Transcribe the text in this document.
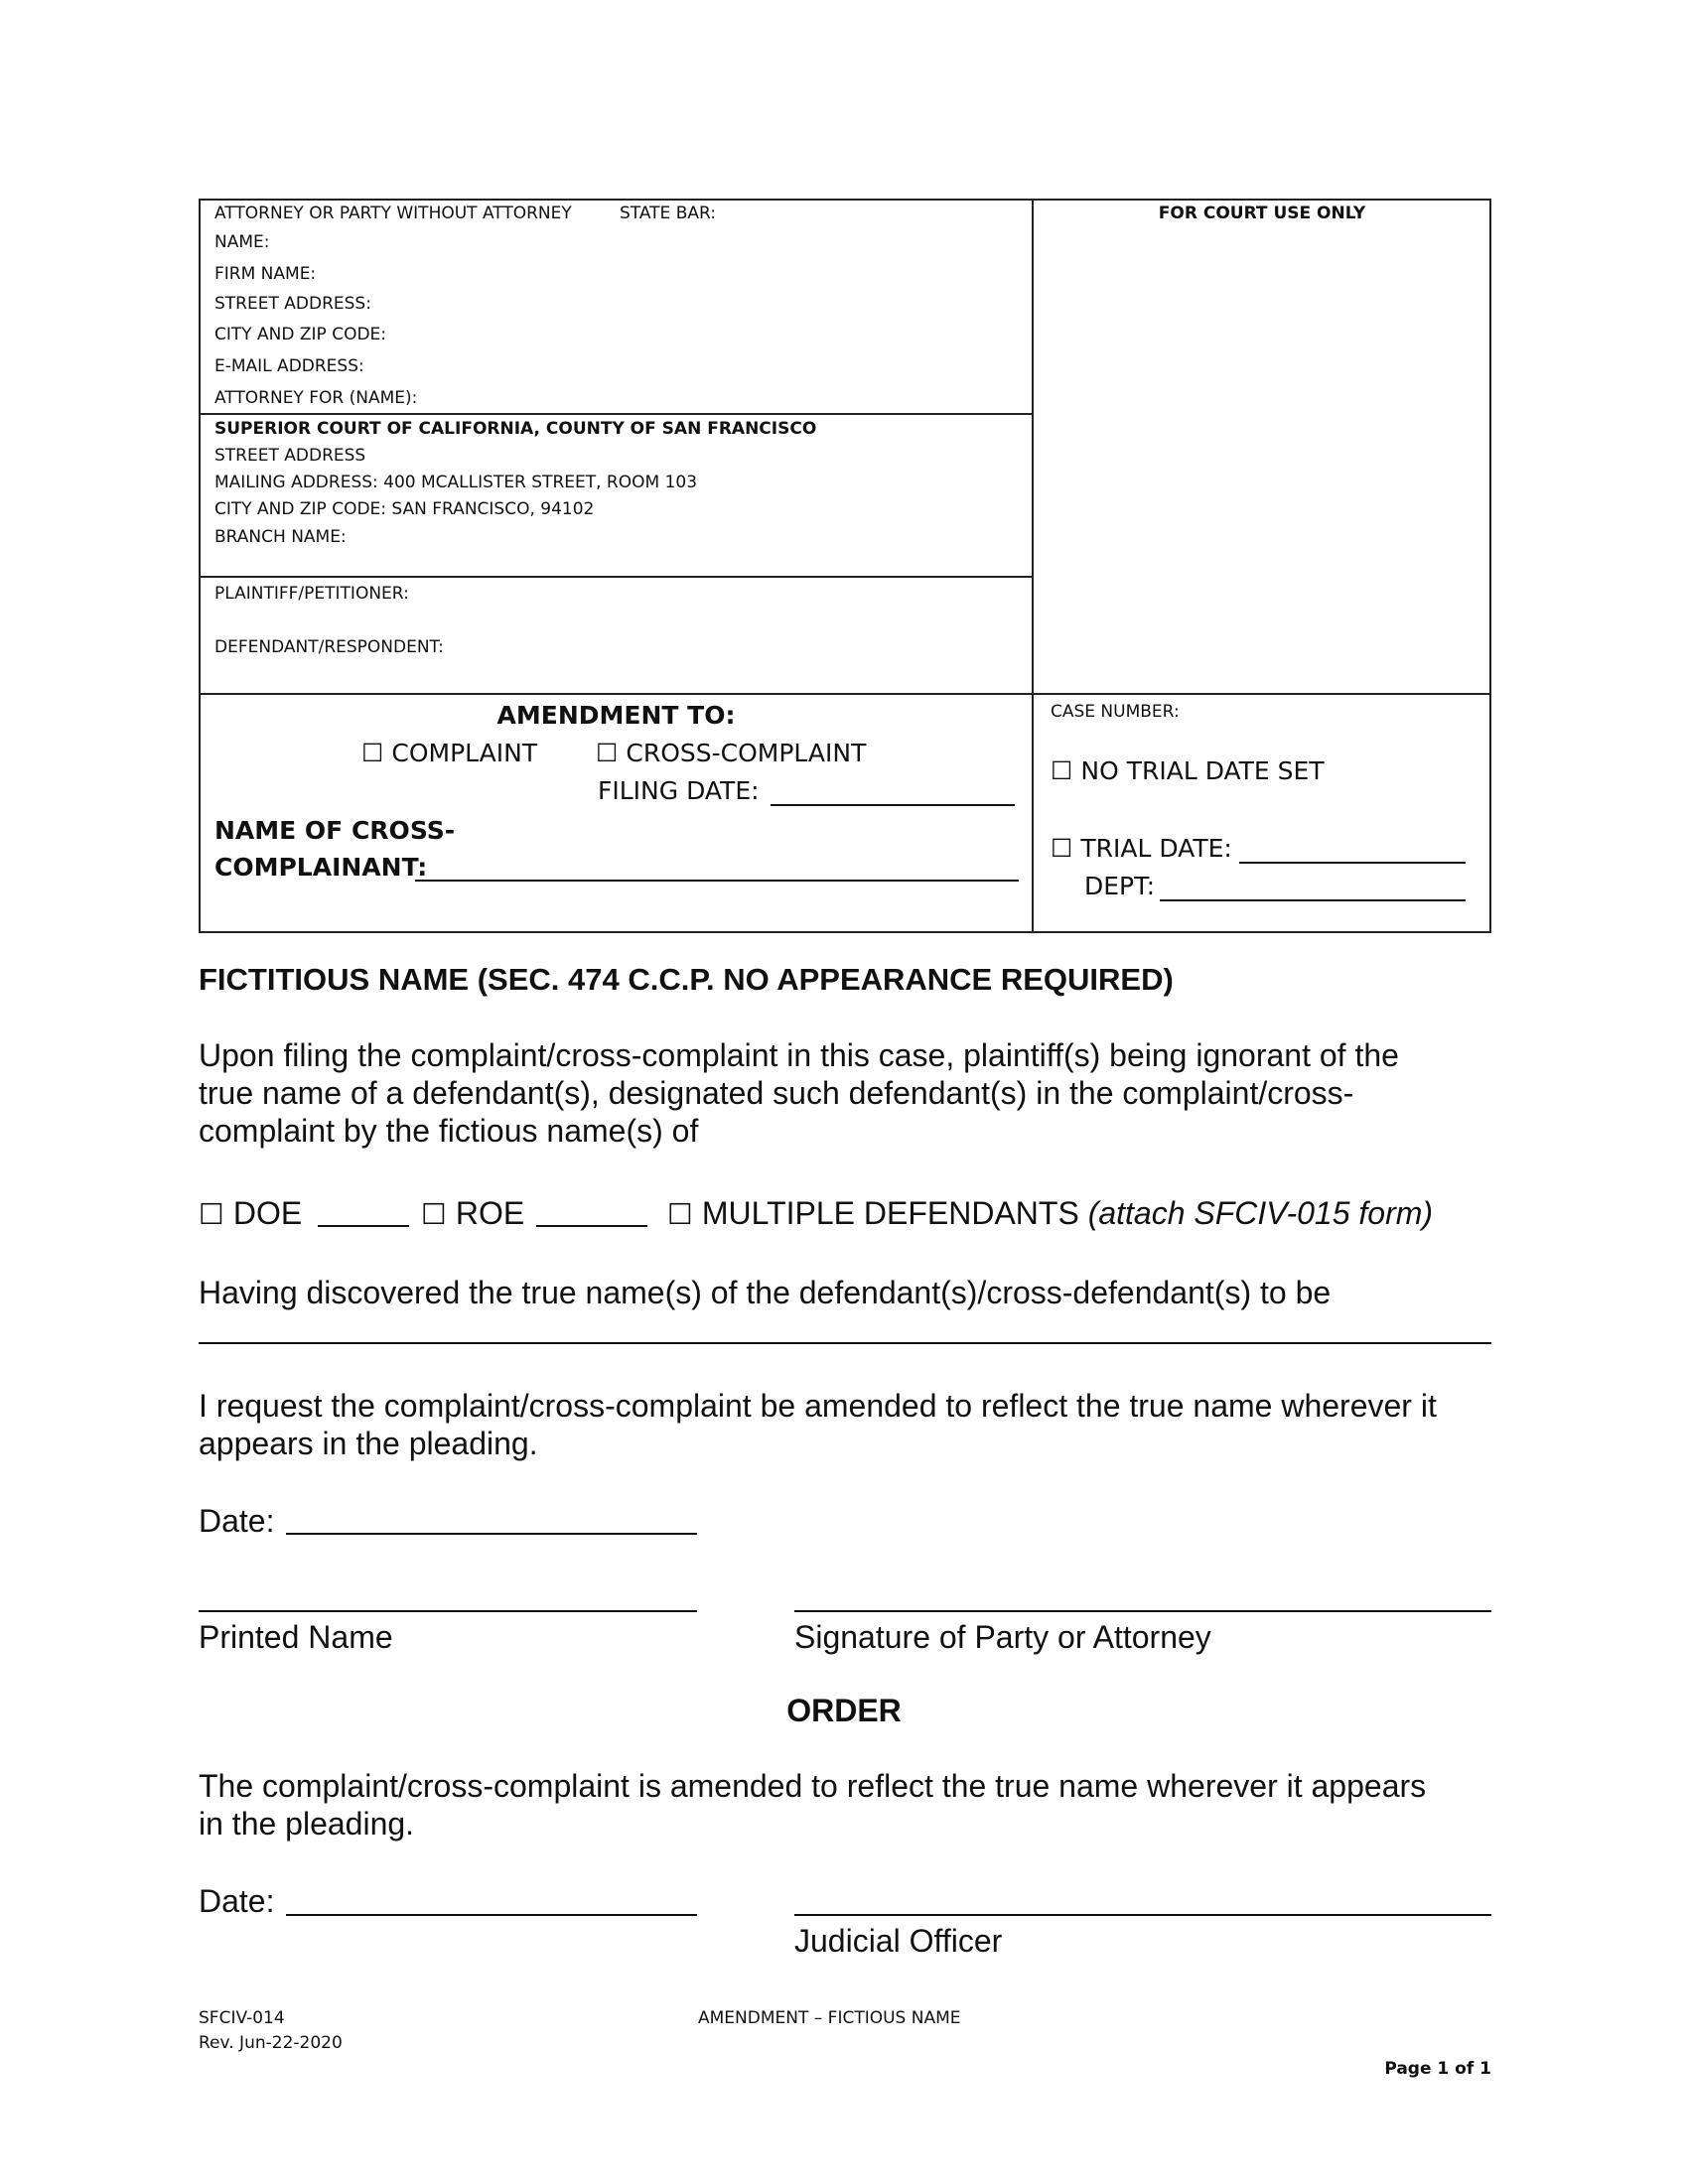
ATTORNEY OR PARTY WITHOUT ATTORNEY	STATE BAR:
NAME:
FIRM NAME:
STREET ADDRESS:
CITY AND ZIP CODE:
E-MAIL ADDRESS:
ATTORNEY FOR (NAME):
FOR COURT USE ONLY
SUPERIOR COURT OF CALIFORNIA, COUNTY OF SAN FRANCISCO
STREET ADDRESS
MAILING ADDRESS: 400 MCALLISTER STREET, ROOM 103
CITY AND ZIP CODE: SAN FRANCISCO, 94102
BRANCH NAME:
PLAINTIFF/PETITIONER:
DEFENDANT/RESPONDENT:
AMENDMENT TO:
☐ COMPLAINT ☐ CROSS-COMPLAINT
FILING DATE:
NAME OF CROSS-
COMPLAINANT:
CASE NUMBER:
☐ NO TRIAL DATE SET
☐ TRIAL DATE:
DEPT:
FICTITIOUS NAME (SEC. 474 C.C.P. NO APPEARANCE REQUIRED)
Upon filing the complaint/cross-complaint in this case, plaintiff(s) being ignorant of the
true name of a defendant(s), designated such defendant(s) in the complaint/cross-
complaint by the fictious name(s) of
☐ DOE	☐ ROE	☐ MULTIPLE DEFENDANTS (attach SFCIV-015 form)
Having discovered the true name(s) of the defendant(s)/cross-defendant(s) to be
I request the complaint/cross-complaint be amended to reflect the true name wherever it
appears in the pleading.
Date:
Printed Name	Signature of Party or Attorney
ORDER
The complaint/cross-complaint is amended to reflect the true name wherever it appears
in the pleading.
Date:
Judicial Officer
SFCIV-014
Rev. Jun-22-2020
AMENDMENT – FICTIOUS NAME
Page 1 of 1
